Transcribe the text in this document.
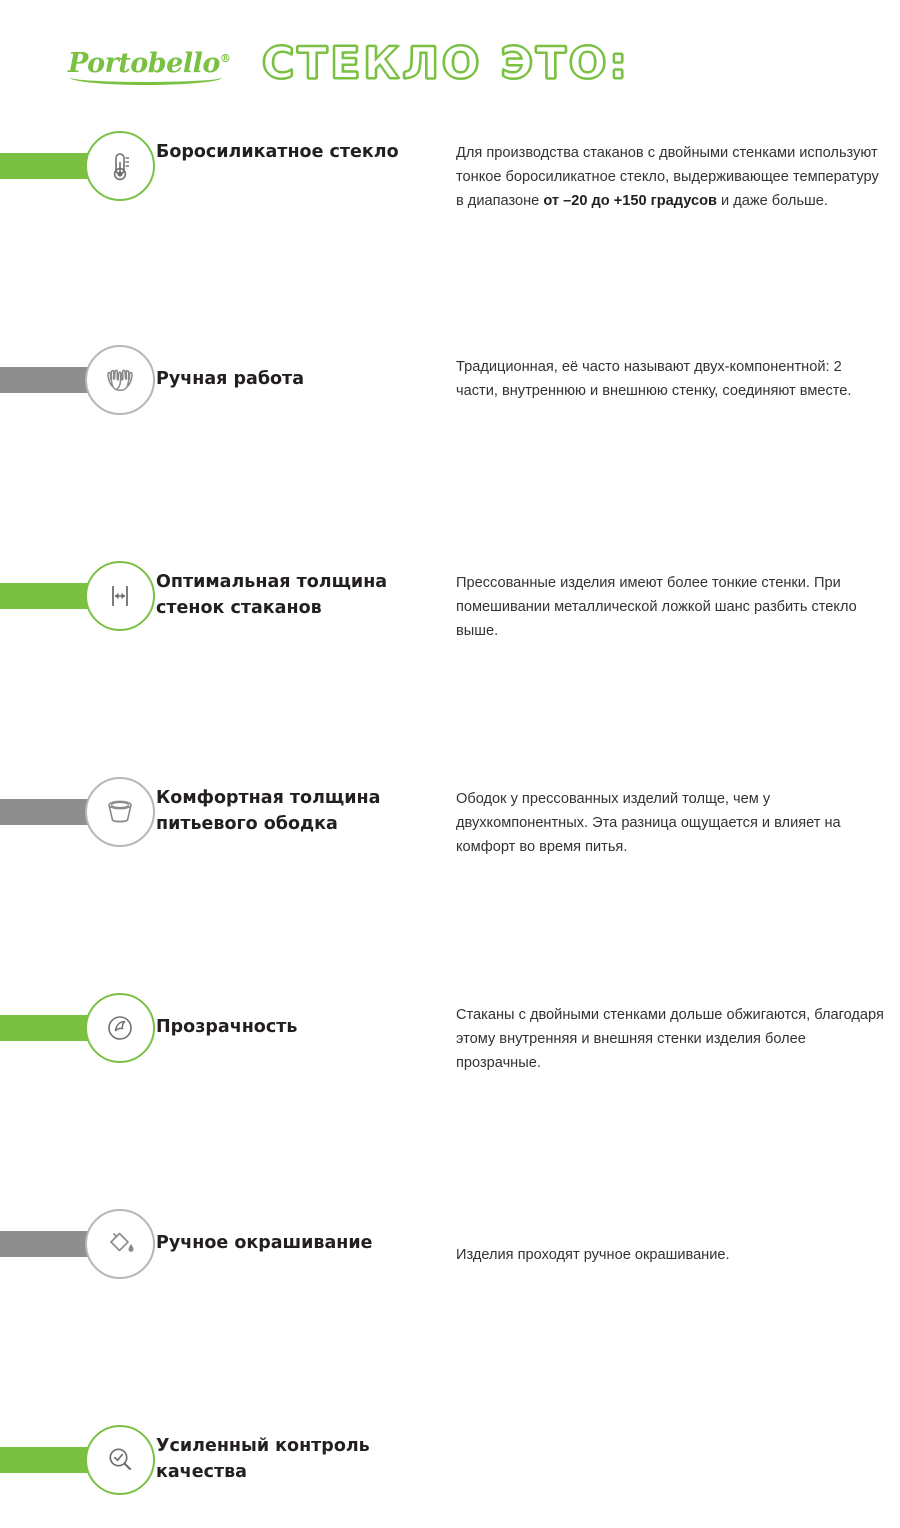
Portobello® СТЕКЛО ЭТО:
Боросиликатное стекло	Для производства стаканов с двойными стенками используют тонкое боросиликатное стекло, выдерживающее температуру в диапазоне от –20 до +150 градусов и даже больше.
Ручная работа
Традиционная, её часто называют двух-компонентной: 2 части, внутреннюю и внешнюю стенку, соединяют вместе.
Оптимальная толщина стенок стаканов
Прессованные изделия имеют более тонкие стенки. При помешивании металлической ложкой шанс разбить стекло выше.
Комфортная толщина питьевого ободка
Ободок у прессованных изделий толще, чем у двухкомпонентных. Эта разница ощущается и влияет на комфорт во время питья.
Прозрачность
Стаканы с двойными стенками дольше обжигаются, благодаря этому внутренняя и внешняя стенки изделия более прозрачные.
Ручное окрашивание
Изделия проходят ручное окрашивание.
Усиленный контроль качества
